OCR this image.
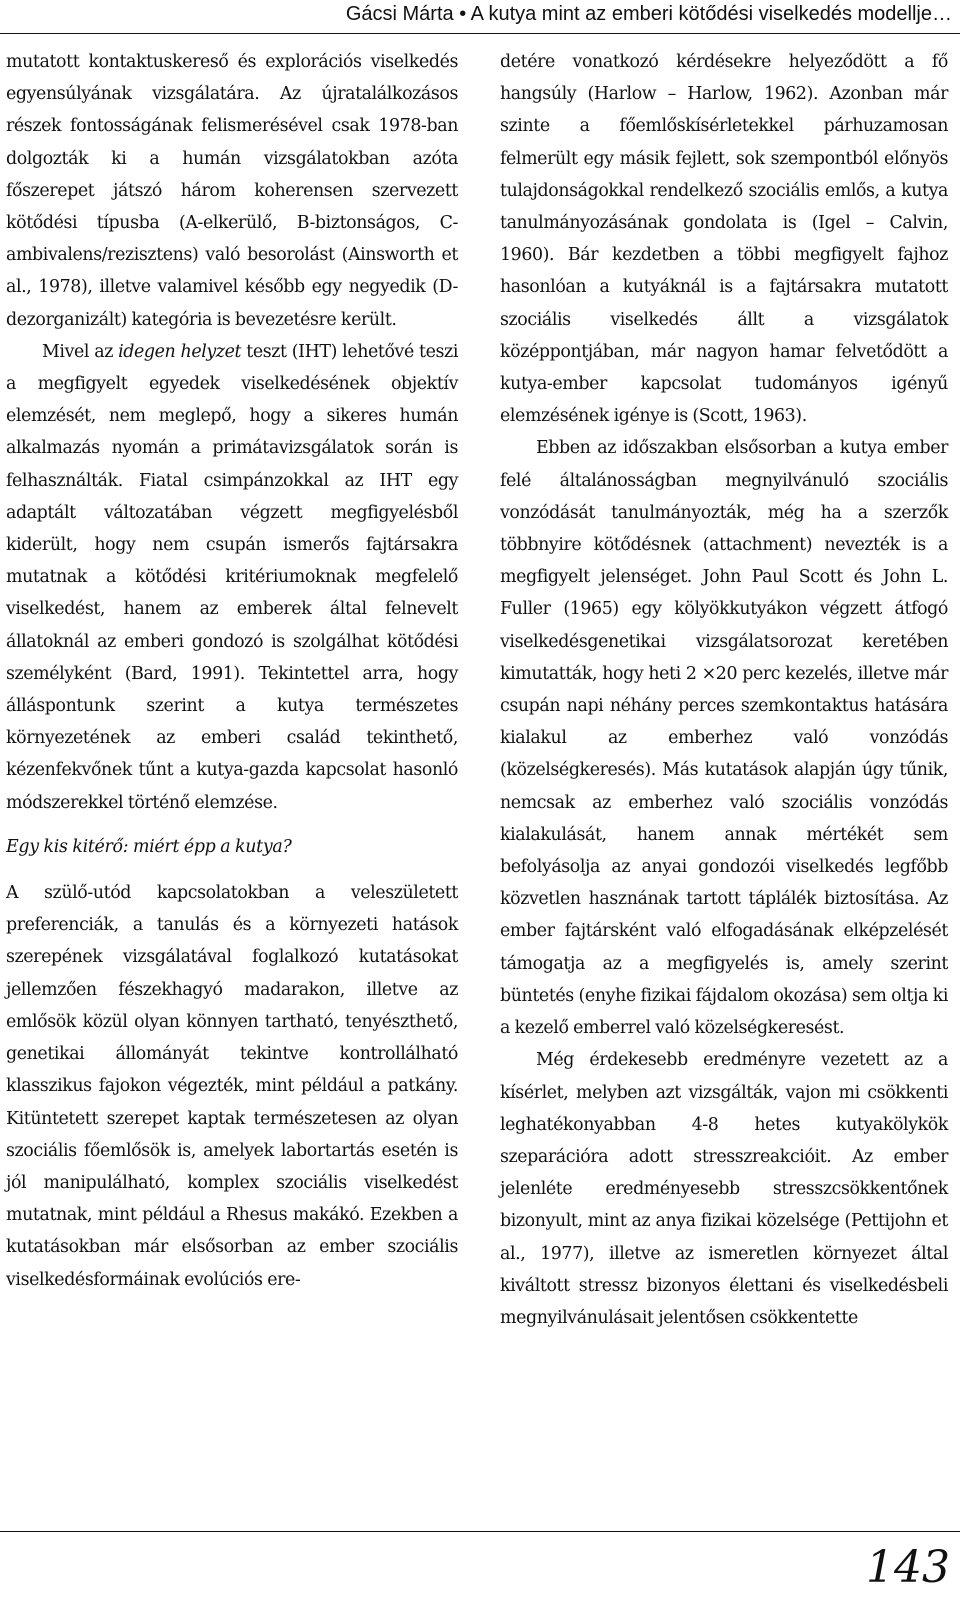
Gácsi Márta • A kutya mint az emberi kötődési viselkedés modellje…

mutatott kontaktuskereső és explorációs viselkedés egyensúlyának vizsgálatára. Az újratalálkozásos részek fontosságának felismerésével csak 1978-ban dolgozták ki a humán vizsgálatokban azóta főszerepet játszó három koherensen szervezett kötődési típusba (A-elkerülő, B-biztonságos, C-ambivalens/rezisztens) való besorolást (Ainsworth et al., 1978), illetve valamivel később egy negyedik (D-dezorganizált) kategória is bevezetésre került.

Mivel az idegen helyzet teszt (IHT) lehetővé teszi a megfigyelt egyedek viselkedésének objektív elemzését, nem meglepő, hogy a sikeres humán alkalmazás nyomán a primátavizsgálatok során is felhasználták. Fiatal csimpánzokkal az IHT egy adaptált változatában végzett megfigyelésből kiderült, hogy nem csupán ismerős fajtársakra mutatnak a kötődési kritériumoknak megfelelő viselkedést, hanem az emberek által felnevelt állatoknál az emberi gondozó is szolgálhat kötődési személyként (Bard, 1991). Tekintettel arra, hogy álláspontunk szerint a kutya természetes környezetének az emberi család tekinthető, kézenfekvőnek tűnt a kutya-gazda kapcsolat hasonló módszerekkel történő elemzése.

Egy kis kitérő: miért épp a kutya?

A szülő-utód kapcsolatokban a veleszületett preferenciák, a tanulás és a környezeti hatások szerepének vizsgálatával foglalkozó kutatásokat jellemzően fészekhagyó madarakon, illetve az emlősök közül olyan könnyen tartható, tenyészthető, genetikai állományát tekintve kontrollálható klasszikus fajokon végezték, mint például a patkány. Kitüntetett szerepet kaptak természetesen az olyan szociális főemlősök is, amelyek labortartás esetén is jól manipulálható, komplex szociális viselkedést mutatnak, mint például a Rhesus makákó. Ezekben a kutatásokban már elsősorban az ember szociális viselkedésformáinak evolúciós ere-

detére vonatkozó kérdésekre helyeződött a fő hangsúly (Harlow – Harlow, 1962). Azonban már szinte a főemlőskísérletekkel párhuzamosan felmerült egy másik fejlett, sok szempontból előnyös tulajdonságokkal rendelkező szociális emlős, a kutya tanulmányozásának gondolata is (Igel – Calvin, 1960). Bár kezdetben a többi megfigyelt fajhoz hasonlóan a kutyáknál is a fajtársakra mutatott szociális viselkedés állt a vizsgálatok középpontjában, már nagyon hamar felvetődött a kutya-ember kapcsolat tudományos igényű elemzésének igénye is (Scott, 1963).

Ebben az időszakban elsősorban a kutya ember felé általánosságban megnyilvánuló szociális vonzódását tanulmányozták, még ha a szerzők többnyire kötődésnek (attachment) nevezték is a megfigyelt jelenséget. John Paul Scott és John L. Fuller (1965) egy kölyökkutyákon végzett átfogó viselkedésgenetikai vizsgálatsorozat keretében kimutatták, hogy heti 2 ×20 perc kezelés, illetve már csupán napi néhány perces szemkontaktus hatására kialakul az emberhez való vonzódás (közelségkeresés). Más kutatások alapján úgy tűnik, nemcsak az emberhez való szociális vonzódás kialakulását, hanem annak mértékét sem befolyásolja az anyai gondozói viselkedés legfőbb közvetlen hasznának tartott táplálék biztosítása. Az ember fajtársként való elfogadásának elképzelését támogatja az a megfigyelés is, amely szerint büntetés (enyhe fizikai fájdalom okozása) sem oltja ki a kezelő emberrel való közelségkeresést.

Még érdekesebb eredményre vezetett az a kísérlet, melyben azt vizsgálták, vajon mi csökkenti leghatékonyabban 4-8 hetes kutyakölykök szeparációra adott stresszreakcióit. Az ember jelenléte eredményesebb stresszcsökkentőnek bizonyult, mint az anya fizikai közelsége (Pettijohn et al., 1977), illetve az ismeretlen környezet által kiváltott stressz bizonyos élettani és viselkedésbeli megnyilvánulásait jelentősen csökkentette

143
